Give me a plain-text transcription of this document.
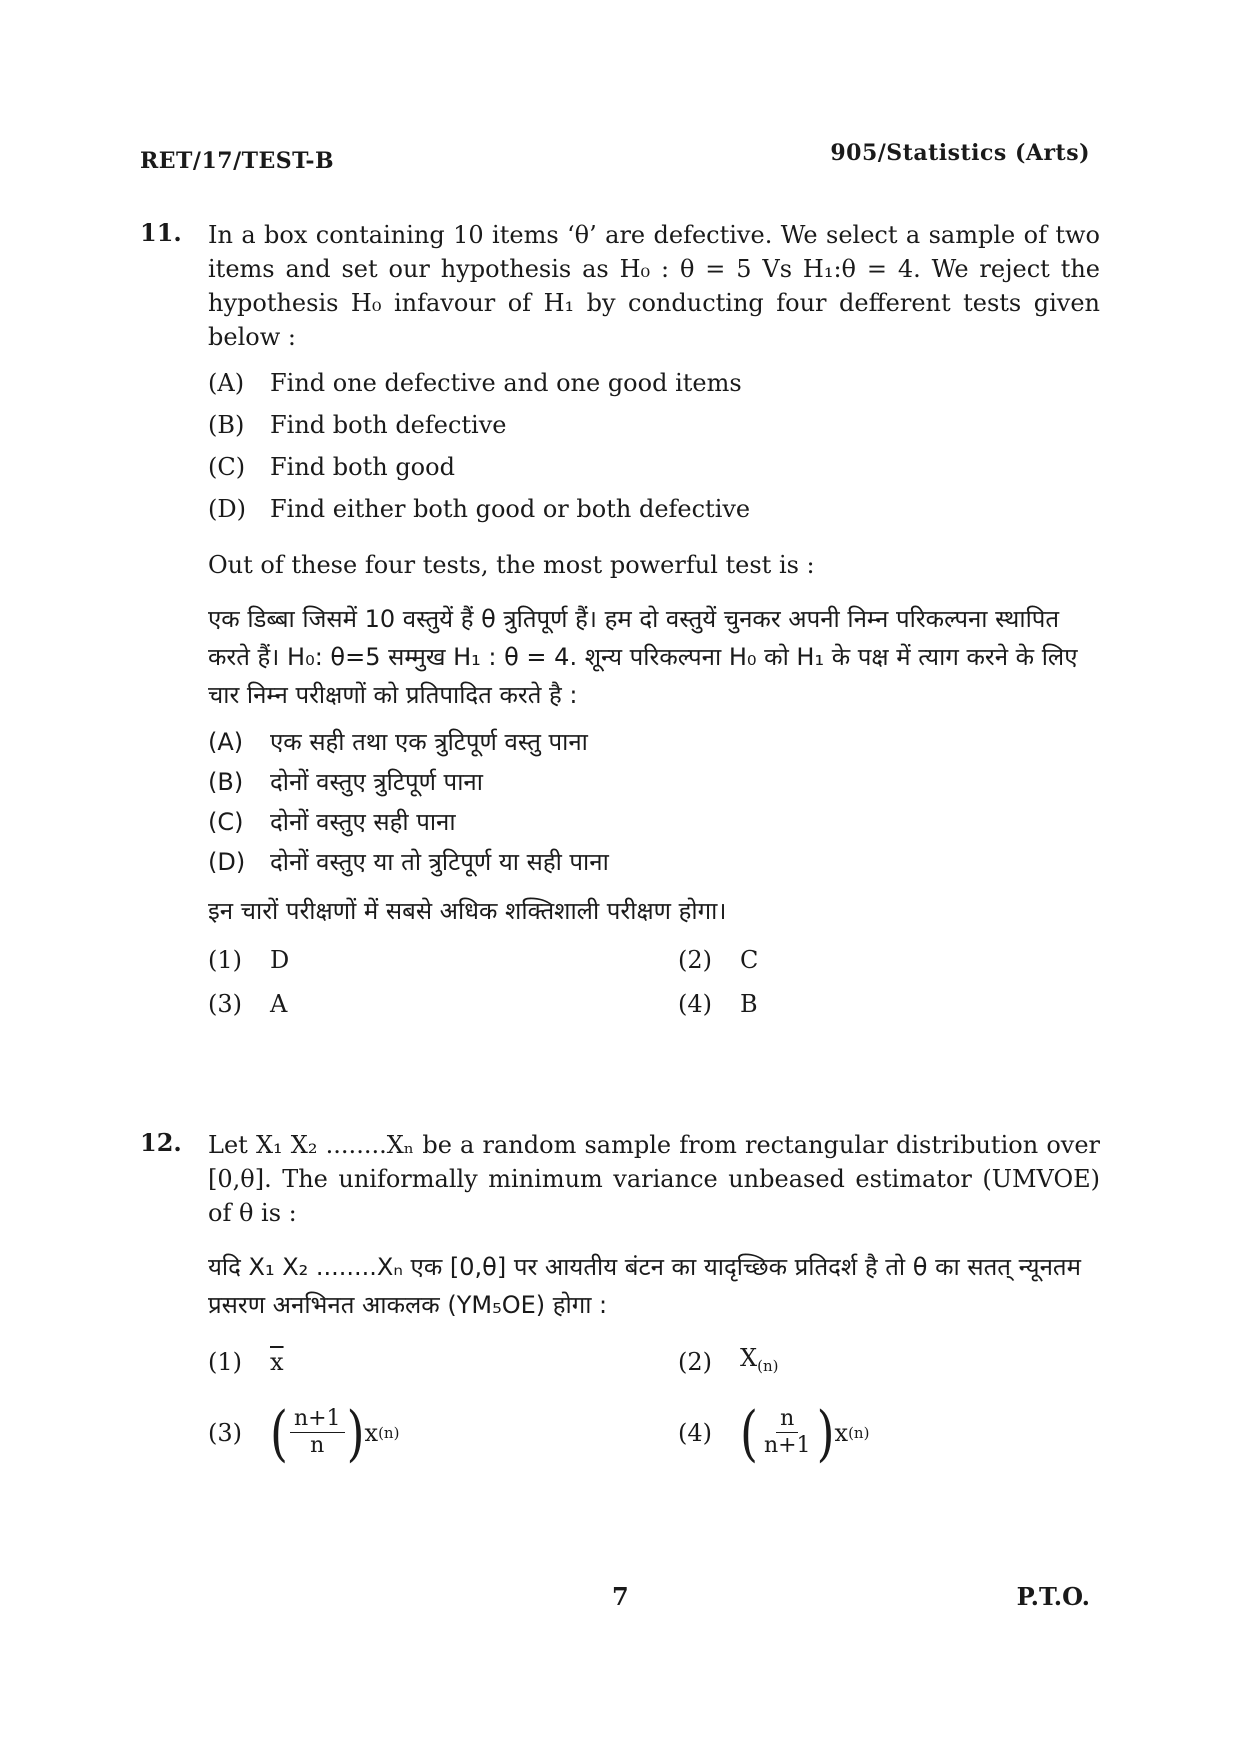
RET/17/TEST-B	905/Statistics (Arts)
11. In a box containing 10 items ‘θ’ are defective. We select a sample of two items and set our hypothesis as H₀ : θ = 5 Vs H₁:θ = 4. We reject the hypothesis H₀ infavour of H₁ by conducting four defferent tests given below :
(A)	Find one defective and one good items
(B)	Find both defective
(C)	Find both good
(D)	Find either both good or both defective
Out of these four tests, the most powerful test is :
एक डिब्बा जिसमें 10 वस्तुयें हैं θ त्रुतिपूर्ण हैं। हम दो वस्तुयें चुनकर अपनी निम्न परिकल्पना स्थापित करते हैं। H₀: θ=5 सम्मुख H₁ : θ = 4. शून्य परिकल्पना H₀ को H₁ के पक्ष में त्याग करने के लिए चार निम्न परीक्षणों को प्रतिपादित करते है :
(A)	एक सही तथा एक त्रुटिपूर्ण वस्तु पाना
(B)	दोनों वस्तुए त्रुटिपूर्ण पाना
(C)	दोनों वस्तुए सही पाना
(D)	दोनों वस्तुए या तो त्रुटिपूर्ण या सही पाना
इन चारों परीक्षणों में सबसे अधिक शक्तिशाली परीक्षण होगा।
(1)	D	(2)	C
(3)	A	(4)	B
12. Let X₁ X₂ ........Xₙ be a random sample from rectangular distribution over [0,θ]. The uniformally minimum variance unbeased estimator (UMVOE) of θ is :
यदि X₁ X₂ ........Xₙ एक [0,θ] पर आयतीय बंटन का यादृच्छिक प्रतिदर्श है तो θ का सतत् न्यूनतम प्रसरण अनभिनत आकलक (YM₅OE) होगा :
(1)	$\overline{x}$	(2)	$X_{(n)}$
(3) ( $\frac{n+1}{n}$ ) x (n)	(4) ( $\frac{n}{n+1}$ ) x (n)
7	P.T.O.
